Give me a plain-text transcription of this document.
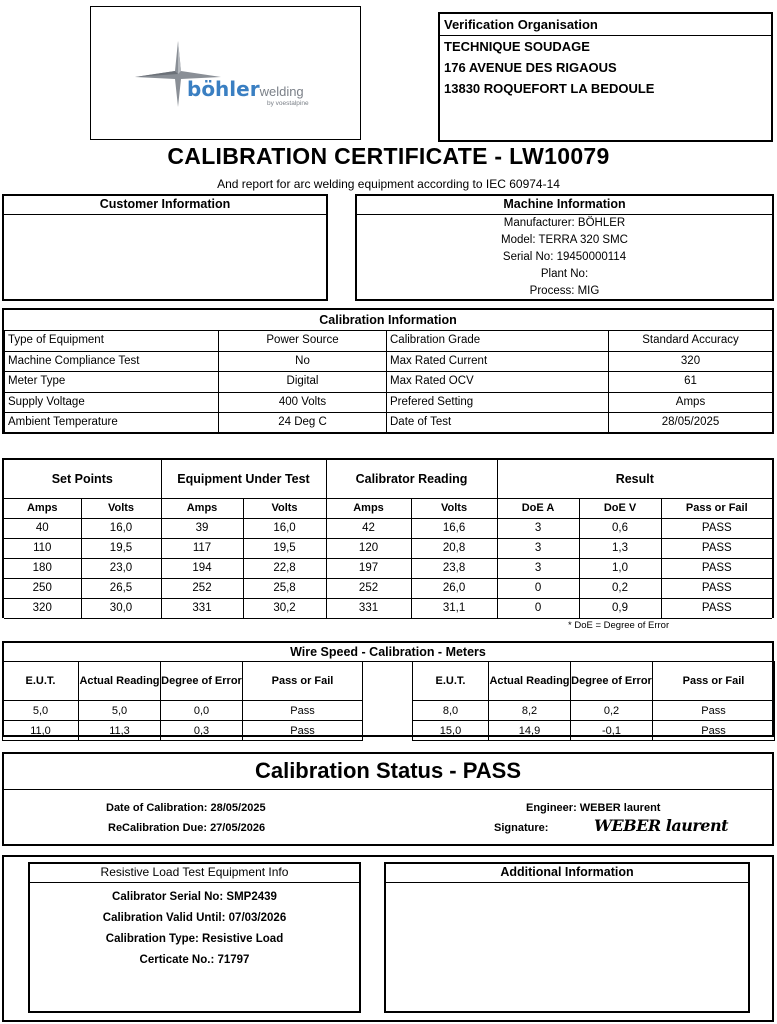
böhlerwelding
by voestalpine
Verification Organisation
TECHNIQUE SOUDAGE
176 AVENUE DES RIGAOUS
13830 ROQUEFORT LA BEDOULE
CALIBRATION CERTIFICATE - LW10079
And report for arc welding equipment according to IEC 60974-14
Customer Information	Machine Information
Manufacturer: BÖHLER
Model: TERRA 320 SMC
Serial No: 19450000114
Plant No:
Process: MIG
Calibration Information
Type of Equipment	Power Source	Calibration Grade	Standard Accuracy
Machine Compliance Test	No	Max Rated Current	320
Meter Type	Digital	Max Rated OCV	61
Supply Voltage	400 Volts	Prefered Setting	Amps
Ambient Temperature	24 Deg C	Date of Test	28/05/2025
Set Points		Equipment Under Test		Calibrator Reading		Result		
Amps	Volts	Amps	Volts	Amps	Volts	DoE A	DoE V	Pass or Fail
40	16,0	39	16,0	42	16,6	3	0,6	PASS
110	19,5	117	19,5	120	20,8	3	1,3	PASS
180	23,0	194	22,8	197	23,8	3	1,0	PASS
250	26,5	252	25,8	252	26,0	0	0,2	PASS
320	30,0	331	30,2	331	31,1	0	0,9	PASS
* DoE = Degree of Error
Wire Speed - Calibration - Meters
E.U.T.	Actual Reading	Degree of Error	Pass or Fail
5,0	5,0	0,0	Pass
11,0	11,3	0,3	Pass
E.U.T.	Actual Reading	Degree of Error	Pass or Fail
8,0	8,2	0,2	Pass
15,0	14,9	-0,1	Pass
Calibration Status - PASS
Date of Calibration: 28/05/2025
ReCalibration Due: 27/05/2026
Engineer: WEBER laurent
Signature:	WEBER laurent
Resistive Load Test Equipment Info
Calibrator Serial No: SMP2439
Calibration Valid Until: 07/03/2026
Calibration Type: Resistive Load
Certicate No.: 71797
Additional Information
